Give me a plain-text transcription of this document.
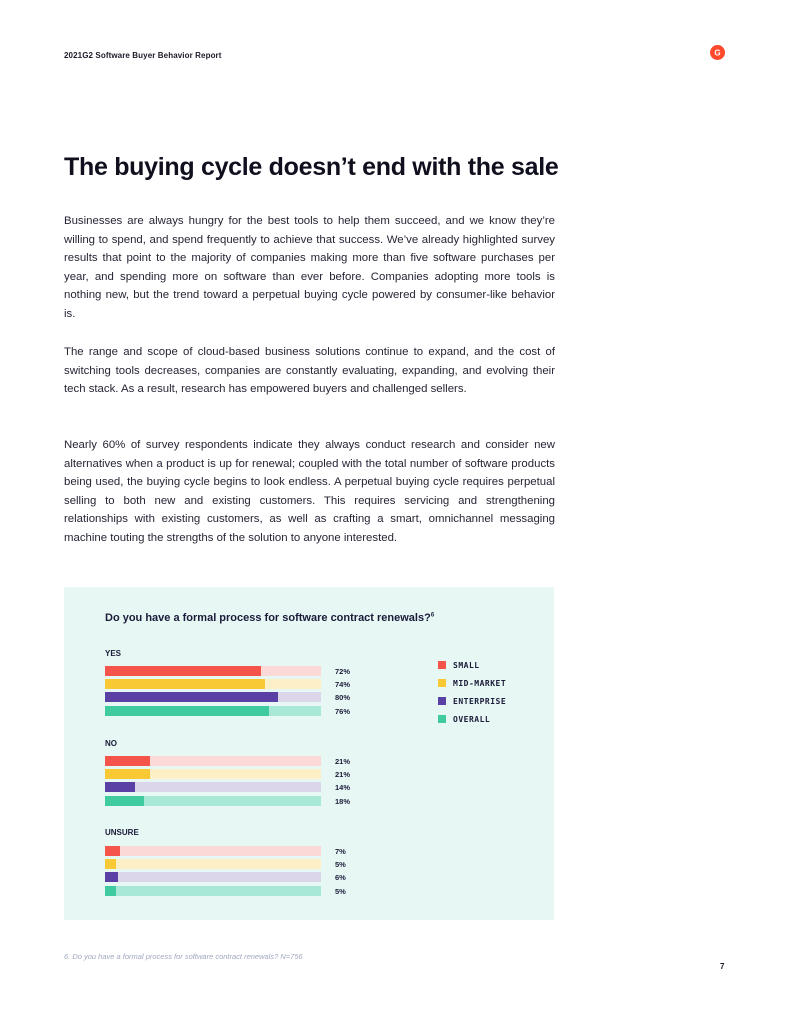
2021G2 Software Buyer Behavior Report	G
The buying cycle doesn’t end with the sale

Businesses are always hungry for the best tools to help them succeed, and we know they’re willing to spend, and spend frequently to achieve that success. We’ve already highlighted survey results that point to the majority of companies making more than five software purchases per year, and spending more on software than ever before. Companies adopting more tools is nothing new, but the trend toward a perpetual buying cycle powered by consumer-like behavior is.

The range and scope of cloud-based business solutions continue to expand, and the cost of switching tools decreases, companies are constantly evaluating, expanding, and evolving their tech stack. As a result, research has empowered buyers and challenged sellers.

Nearly 60% of survey respondents indicate they always conduct research and consider new alternatives when a product is up for renewal; coupled with the total number of software products being used, the buying cycle begins to look endless. A perpetual buying cycle requires perpetual selling to both new and existing customers. This requires servicing and strengthening relationships with existing customers, as well as crafting a smart, omnichannel messaging machine touting the strengths of the solution to anyone interested.

Do you have a formal process for software contract renewals?$^6$
YES
72%
74%
80%
76%
NO
21%
21%
14%
18%
UNSURE
7%
5%
6%
5%
SMALL
MID-MARKET
ENTERPRISE
OVERALL
6. Do you have a formal process for software contract renewals? N=756
7
